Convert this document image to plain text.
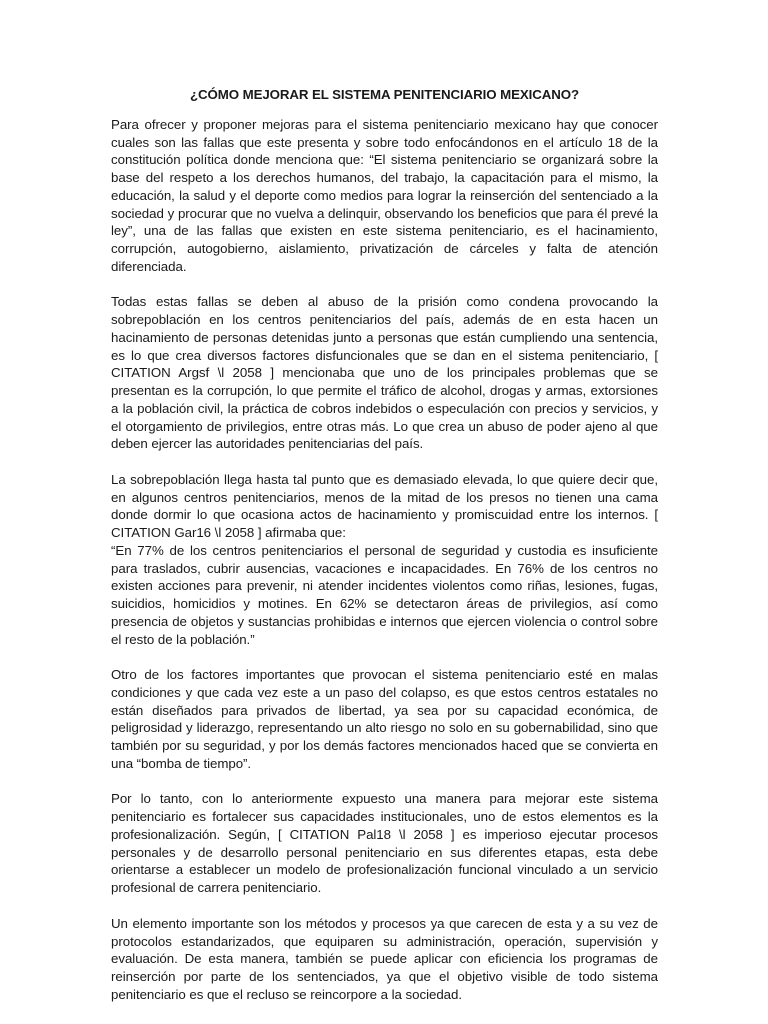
¿CÓMO MEJORAR EL SISTEMA PENITENCIARIO MEXICANO?

Para ofrecer y proponer mejoras para el sistema penitenciario mexicano hay que conocer cuales son las fallas que este presenta y sobre todo enfocándonos en el artículo 18 de la constitución política donde menciona que: “El sistema penitenciario se organizará sobre la base del respeto a los derechos humanos, del trabajo, la capacitación para el mismo, la educación, la salud y el deporte como medios para lograr la reinserción del sentenciado a la sociedad y procurar que no vuelva a delinquir, observando los beneficios que para él prevé la ley”, una de las fallas que existen en este sistema penitenciario, es el hacinamiento, corrupción, autogobierno, aislamiento, privatización de cárceles y falta de atención diferenciada.

Todas estas fallas se deben al abuso de la prisión como condena provocando la sobrepoblación en los centros penitenciarios del país, además de en esta hacen un hacinamiento de personas detenidas junto a personas que están cumpliendo una sentencia, es lo que crea diversos factores disfuncionales que se dan en el sistema penitenciario, [ CITATION Argsf \l 2058 ] mencionaba que uno de los principales problemas que se presentan es la corrupción, lo que permite el tráfico de alcohol, drogas y armas, extorsiones a la población civil, la práctica de cobros indebidos o especulación con precios y servicios, y el otorgamiento de privilegios, entre otras más. Lo que crea un abuso de poder ajeno al que deben ejercer las autoridades penitenciarias del país.

La sobrepoblación llega hasta tal punto que es demasiado elevada, lo que quiere decir que, en algunos centros penitenciarios, menos de la mitad de los presos no tienen una cama donde dormir lo que ocasiona actos de hacinamiento y promiscuidad entre los internos. [ CITATION Gar16 \l 2058 ] afirmaba que:

“En 77% de los centros penitenciarios el personal de seguridad y custodia es insuficiente para traslados, cubrir ausencias, vacaciones e incapacidades. En 76% de los centros no existen acciones para prevenir, ni atender incidentes violentos como riñas, lesiones, fugas, suicidios, homicidios y motines. En 62% se detectaron áreas de privilegios, así como presencia de objetos y sustancias prohibidas e internos que ejercen violencia o control sobre el resto de la población.”

Otro de los factores importantes que provocan el sistema penitenciario esté en malas condiciones y que cada vez este a un paso del colapso, es que estos centros estatales no están diseñados para privados de libertad, ya sea por su capacidad económica, de peligrosidad y liderazgo, representando un alto riesgo no solo en su gobernabilidad, sino que también por su seguridad, y por los demás factores mencionados haced que se convierta en una “bomba de tiempo”.

Por lo tanto, con lo anteriormente expuesto una manera para mejorar este sistema penitenciario es fortalecer sus capacidades institucionales, uno de estos elementos es la profesionalización. Según, [ CITATION Pal18 \l 2058 ] es imperioso ejecutar procesos personales y de desarrollo personal penitenciario en sus diferentes etapas, esta debe orientarse a establecer un modelo de profesionalización funcional vinculado a un servicio profesional de carrera penitenciario.

Un elemento importante son los métodos y procesos ya que carecen de esta y a su vez de protocolos estandarizados, que equiparen su administración, operación, supervisión y evaluación. De esta manera, también se puede aplicar con eficiencia los programas de reinserción por parte de los sentenciados, ya que el objetivo visible de todo sistema penitenciario es que el recluso se reincorpore a la sociedad.
